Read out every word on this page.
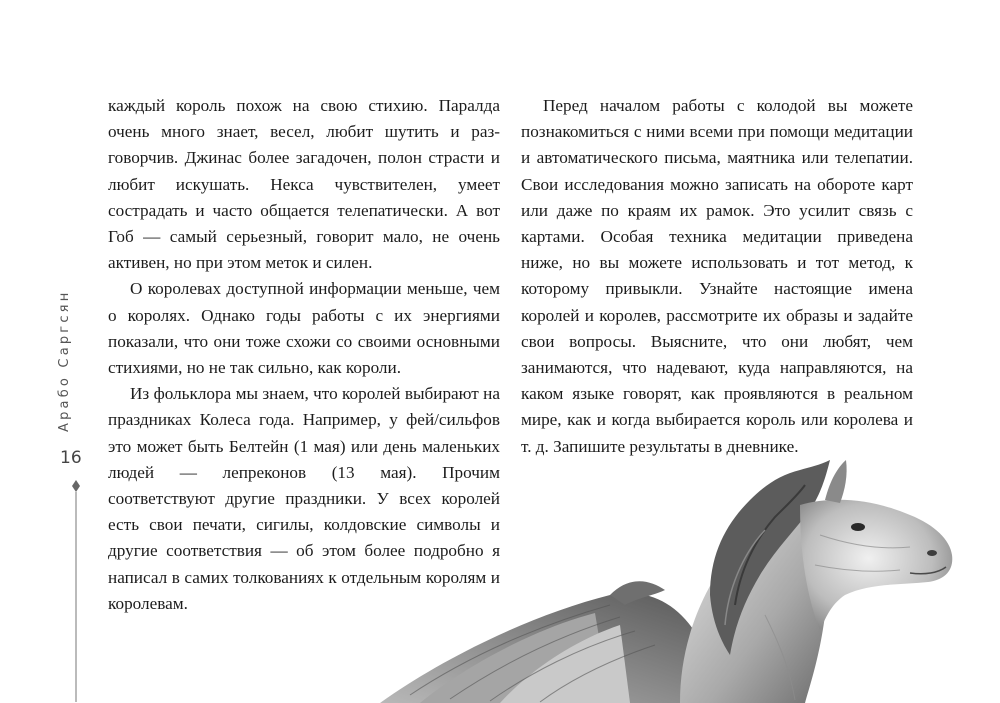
Арабо Саргсян
16

каждый король похож на свою стихию. Паралда очень много знает, весел, любит шутить и разговорчив. Джинас более загадочен, полон страсти и любит искушать. Некса чувствителен, умеет сострадать и часто общается телепатически. А вот Гоб — самый серьезный, говорит мало, не очень активен, но при этом меток и силен.

О королевах доступной информации меньше, чем о королях. Однако годы работы с их энергиями показали, что они тоже схожи со своими основными стихиями, но не так сильно, как короли.

Из фольклора мы знаем, что королей выбирают на праздниках Колеса года. Например, у фей/сильфов это может быть Белтейн (1 мая) или день маленьких людей — лепреконов (13 мая). Прочим соответствуют другие праздники. У всех королей есть свои печати, сигилы, колдовские символы и другие соответствия — об этом более подробно я написал в самих толкованиях к отдельным королям и королевам.

Перед началом работы с колодой вы можете познакомиться с ними всеми при помощи медитации и автоматического письма, маятника или телепатии. Свои исследования можно записать на обороте карт или даже по краям их рамок. Это усилит связь с картами. Особая техника медитации приведена ниже, но вы можете использовать и тот метод, к которому привыкли. Узнайте настоящие имена королей и королев, рассмотрите их образы и задайте свои вопросы. Выясните, что они любят, чем занимаются, что надевают, куда направляются, на каком языке говорят, как проявляются в реальном мире, как и когда выбирается король или королева и т. д. Запишите результаты в дневнике.
